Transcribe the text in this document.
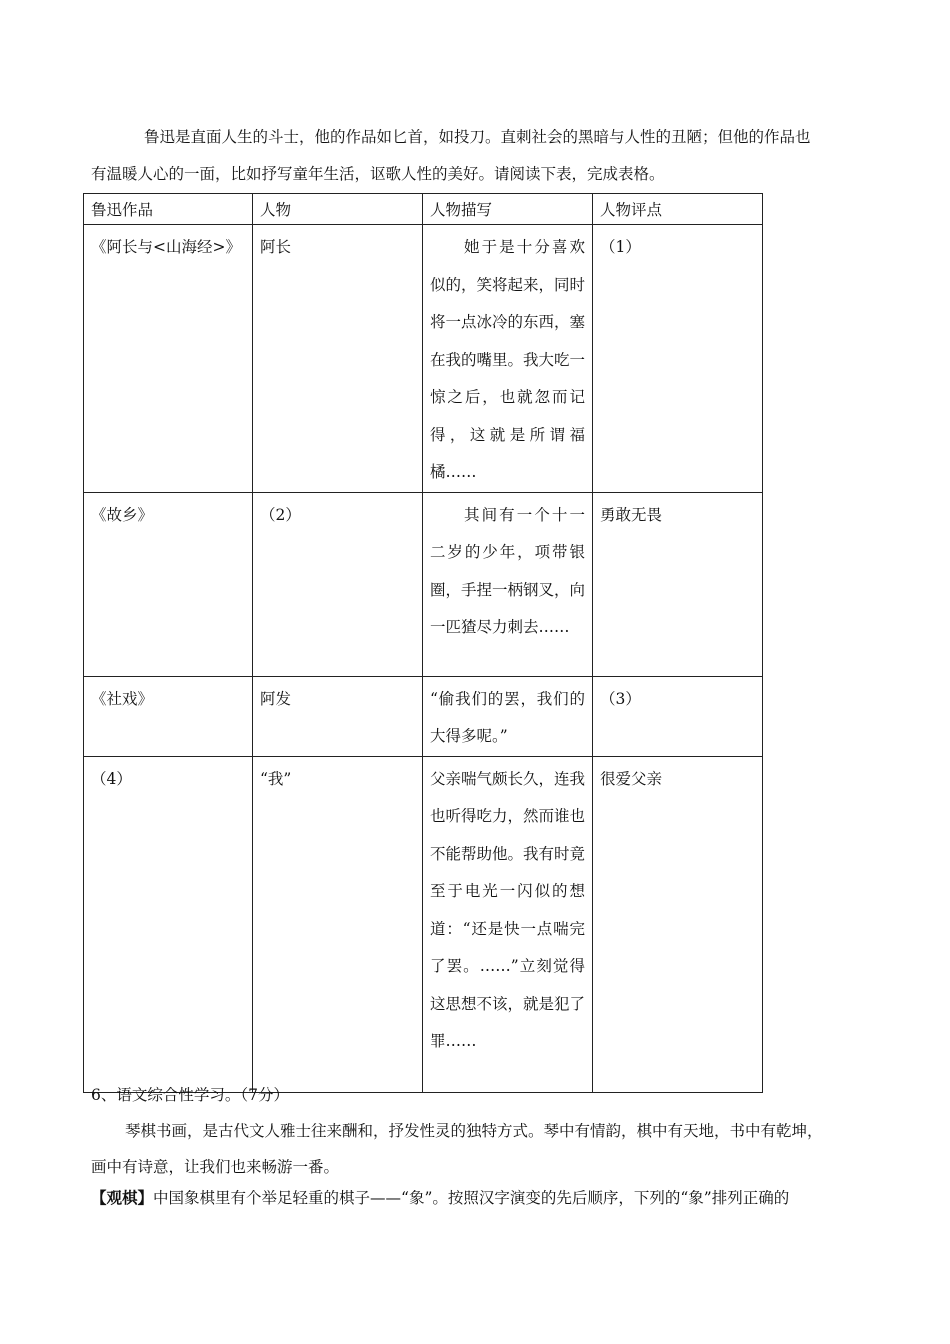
鲁迅是直面人生的斗士，他的作品如匕首，如投刀。直刺社会的黑暗与人性的丑陋；但他的作品也
有温暖人心的一面，比如抒写童年生活，讴歌人性的美好。请阅读下表，完成表格。

鲁迅作品	人物	人物描写	人物评点
《阿长与<山海经>》	阿长	她于是十分喜欢似的，笑将起来，同时将一点冰冷的东西，塞在我的嘴里。我大吃一惊之后，也就忽而记得，这就是所谓福橘……	（1）
《故乡》	（2）	其间有一个十一二岁的少年，项带银圈，手捏一柄钢叉，向一匹猹尽力刺去……	勇敢无畏
《社戏》	阿发	“偷我们的罢，我们的大得多呢。”	（3）
（4）	“我”	父亲喘气颇长久，连我也听得吃力，然而谁也不能帮助他。我有时竟至于电光一闪似的想道：“还是快一点喘完了罢。……”立刻觉得这思想不该，就是犯了罪……	很爱父亲
6、语文综合性学习。（7分）

琴棋书画，是古代文人雅士往来酬和，抒发性灵的独特方式。琴中有情韵，棋中有天地，书中有乾坤，
画中有诗意，让我们也来畅游一番。

【观棋】中国象棋里有个举足轻重的棋子——“象”。按照汉字演变的先后顺序，下列的“象”排列正确的
